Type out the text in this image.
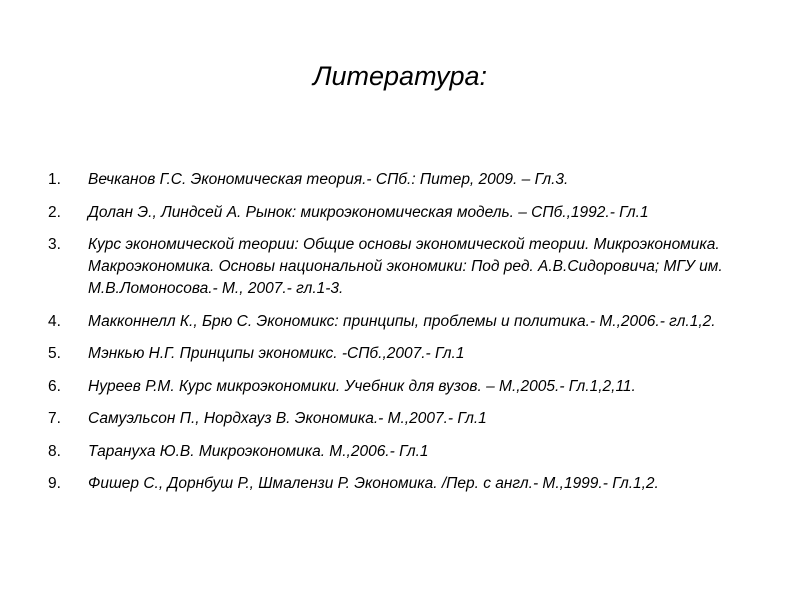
Литература:
1. Вечканов Г.С. Экономическая теория.- СПб.: Питер, 2009. – Гл.3.
2. Долан Э., Линдсей А. Рынок: микроэкономическая модель. – СПб.,1992.- Гл.1
3. Курс экономической теории: Общие основы экономической теории. Микроэкономика. Макроэкономика. Основы национальной экономики: Под ред. А.В.Сидоровича; МГУ им. М.В.Ломоносова.- М., 2007.- гл.1-3.
4. Макконнелл К., Брю С. Экономикс: принципы, проблемы и политика.- М.,2006.- гл.1,2.
5. Мэнкью Н.Г. Принципы экономикс. -СПб.,2007.- Гл.1
6. Нуреев Р.М. Курс микроэкономики. Учебник для вузов. – М.,2005.- Гл.1,2,11.
7. Самуэльсон П., Нордхауз В. Экономика.- М.,2007.- Гл.1
8. Тарануха Ю.В. Микроэкономика. М.,2006.- Гл.1
9. Фишер С., Дорнбуш Р., Шмалензи Р. Экономика. /Пер. с англ.- М.,1999.- Гл.1,2.
